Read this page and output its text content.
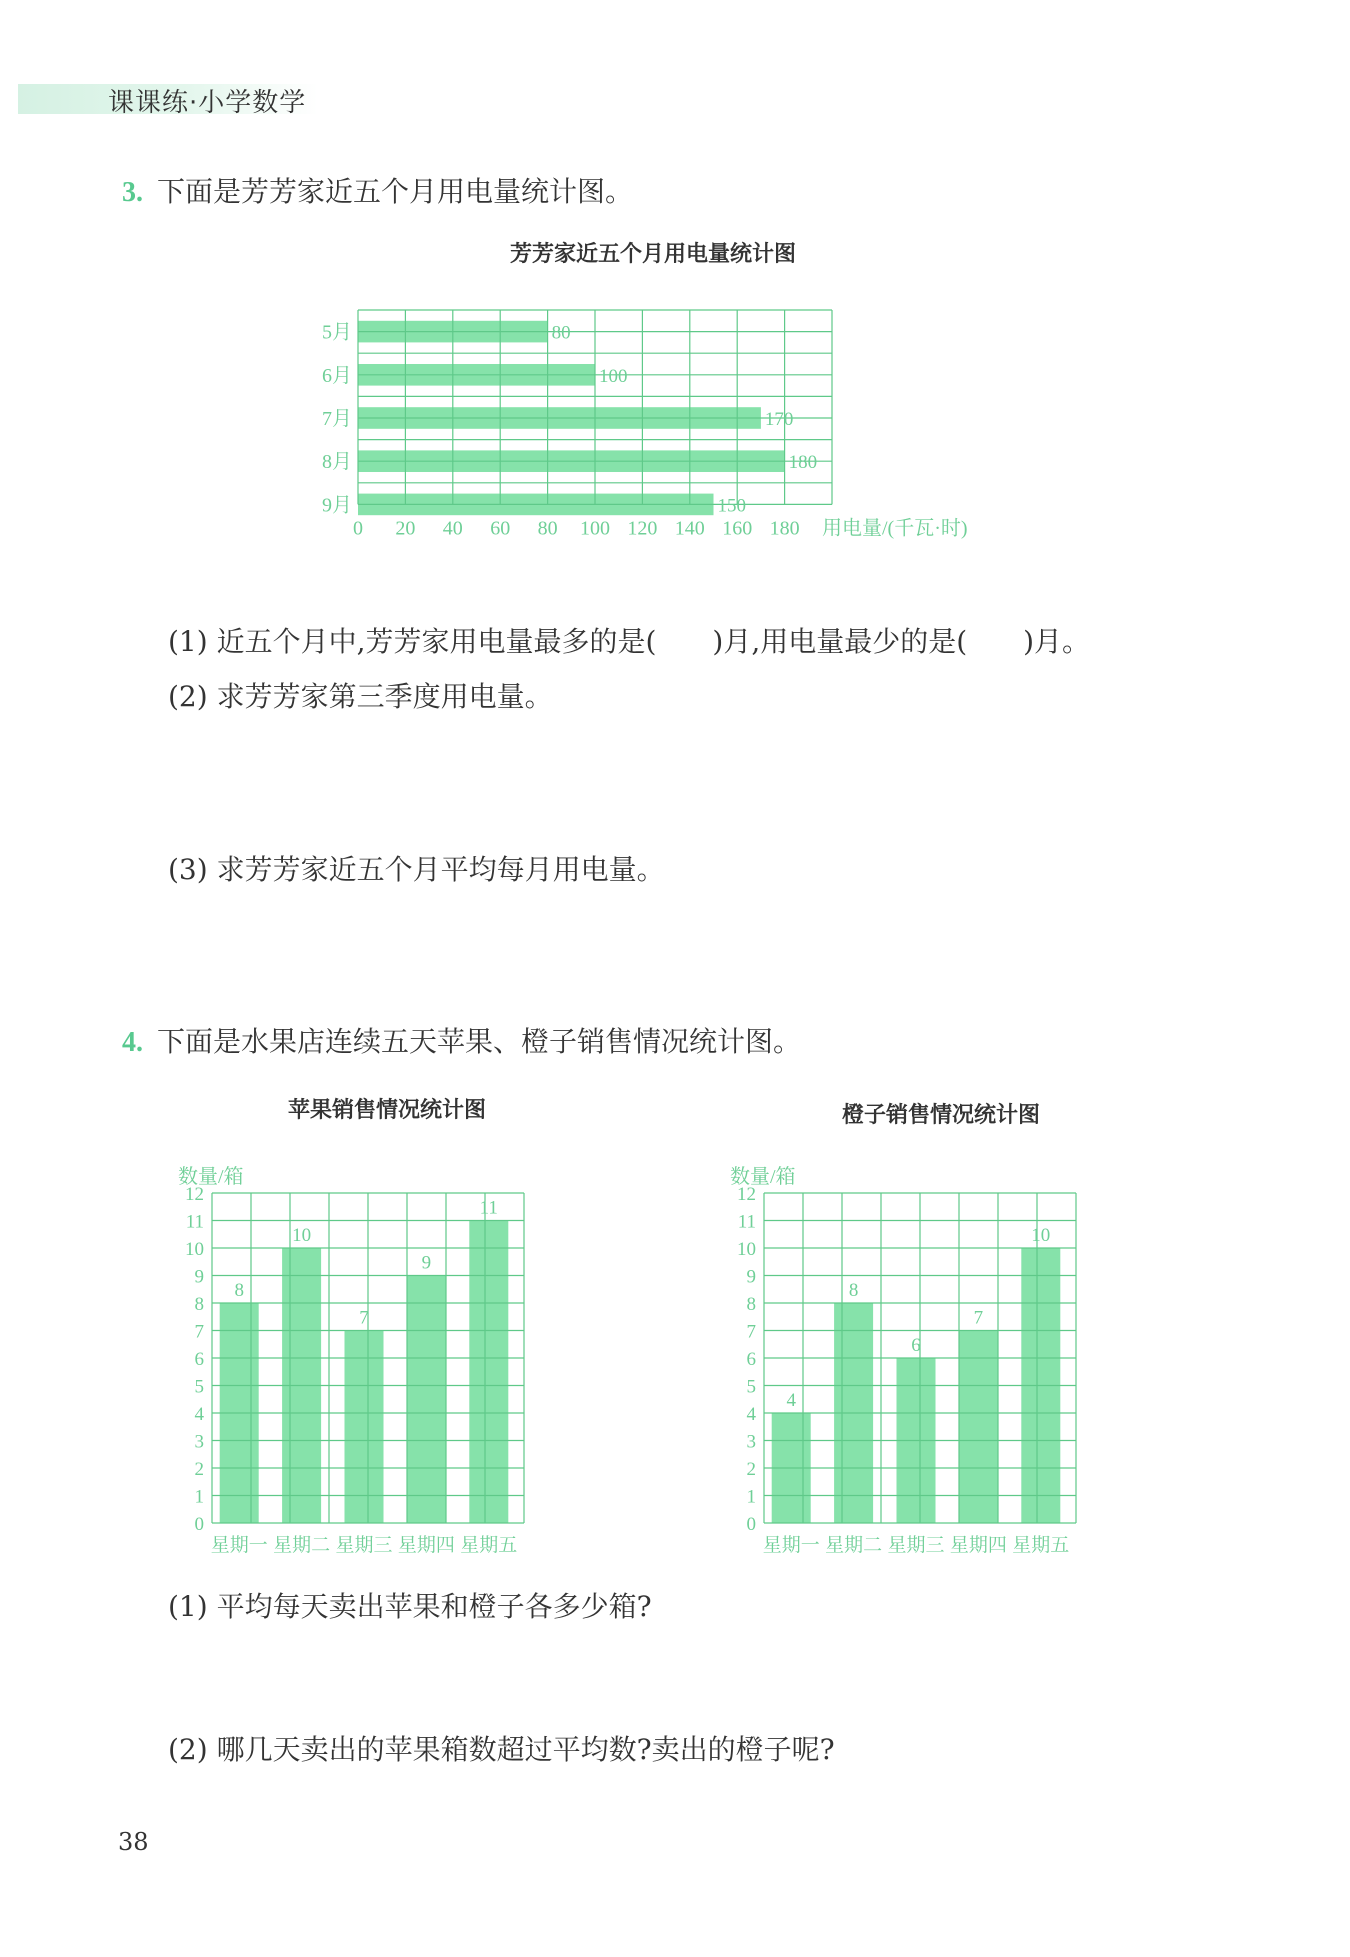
课课练·小学数学
3. 下面是芳芳家近五个月用电量统计图。
芳芳家近五个月用电量统计图
5月	80
6月	100
7月	170
8月	180
9月	150
0 20 40 60 80 100 120 140 160 180 用电量/(千瓦·时)
(1) 近五个月中,芳芳家用电量最多的是(　　)月,用电量最少的是(　　)月。
(2) 求芳芳家第三季度用电量。
(3) 求芳芳家近五个月平均每月用电量。
4. 下面是水果店连续五天苹果、橙子销售情况统计图。
苹果销售情况统计图	橙子销售情况统计图
0
1
2
3
4
5
6
7
8
9
10
11
12
数量/箱
星期一
8
星期二
10
星期三
7
星期四
9
星期五
11
0
1
2
3
4
5
6
7
8
9
10
11
12
数量/箱
星期一
4
星期二
8
星期三
6
星期四
7
星期五
10
(1) 平均每天卖出苹果和橙子各多少箱?
(2) 哪几天卖出的苹果箱数超过平均数?卖出的橙子呢?
38
